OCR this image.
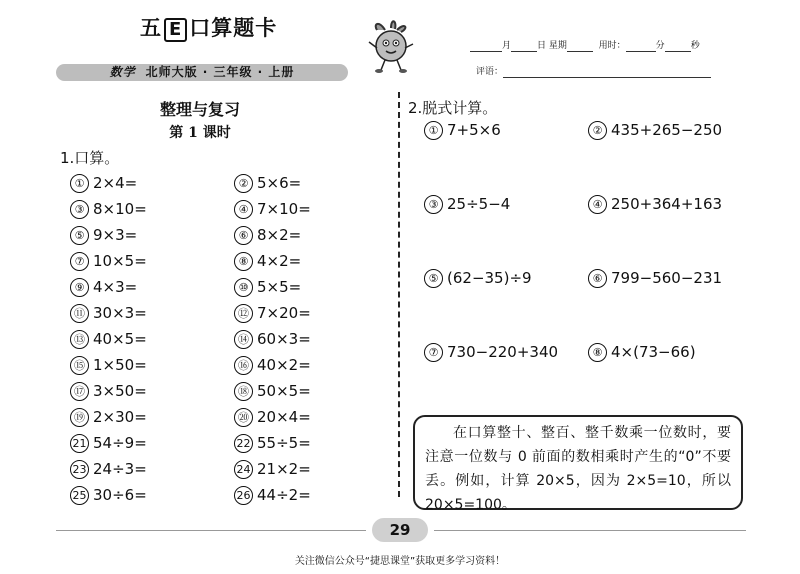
五 E 口算题卡
数学 北师大版 · 三年级 · 上册
月	日 星期	用时：	分	秒
评语：
整理与复习
第 1 课时
1.口算。
① 2×4=	② 5×6=
③ 8×10=	④ 7×10=
⑤ 9×3=	⑥ 8×2=
⑦ 10×5=	⑧ 4×2=
⑨ 4×3=	⑩ 5×5=
⑪ 30×3=	⑫ 7×20=
⑬ 40×5=	⑭ 60×3=
⑮ 1×50=	⑯ 40×2=
⑰ 3×50=	⑱ 50×5=
⑲ 2×30=	⑳ 20×4=
21 54÷9=	22 55÷5=
23 24÷3=	24 21×2=
25 30÷6=	26 44÷2=
2.脱式计算。
① 7+5×6	② 435+265−250
③ 25÷5−4	④ 250+364+163
⑤ (62−35)÷9	⑥ 799−560−231
⑦ 730−220+340	⑧ 4×(73−66)
在口算整十、整百、整千数乘一位数时，要注意一位数与 0 前面的数相乘时产生的“0”不要丢。例如，计算 20×5，因为 2×5=10，所以 20×5=100。
29
关注微信公众号“捷思课堂”获取更多学习资料！
